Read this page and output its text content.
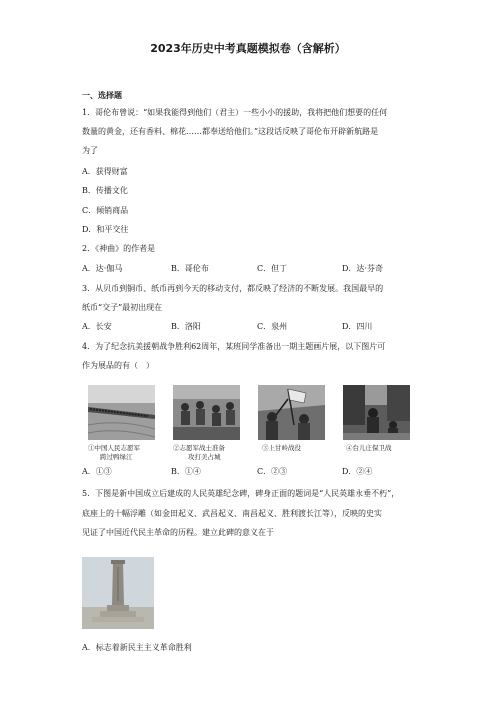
2023年历史中考真题模拟卷（含解析）
一、选择题
1．哥伦布曾说：“如果我能得到他们（君主）一些小小的援助，我将把他们想要的任何
数量的黄金，还有香料、棉花……都奉送给他们。”这段话反映了哥伦布开辟新航路是
为了
A．获得财富
B．传播文化
C．倾销商品
D．和平交往
2．《神曲》的作者是
A．达·伽马	B．哥伦布	C．但丁	D．达·芬奇
3．从贝币到铜币、纸币再到今天的移动支付，都反映了经济的不断发展。我国最早的
纸币“交子”最初出现在
A．长安	B．洛阳	C．泉州	D．四川
4．为了纪念抗美援朝战争胜利62周年，某班同学准备出一期主题画片展，以下图片可
作为展品的有（　）
①中国人民志愿军
跨过鸭绿江
②志愿军战士准备
攻打美占城
③上甘岭战役	④台儿庄保卫战
A．①③	B．①④	C．②③	D．②④
5．下图是新中国成立后建成的人民英雄纪念碑，碑身正面的题词是“人民英雄永垂不朽”，
底座上的十幅浮雕（如金田起义、武昌起义、南昌起义、胜利渡长江等），反映的史实
见证了中国近代民主革命的历程。建立此碑的意义在于
A．标志着新民主主义革命胜利
